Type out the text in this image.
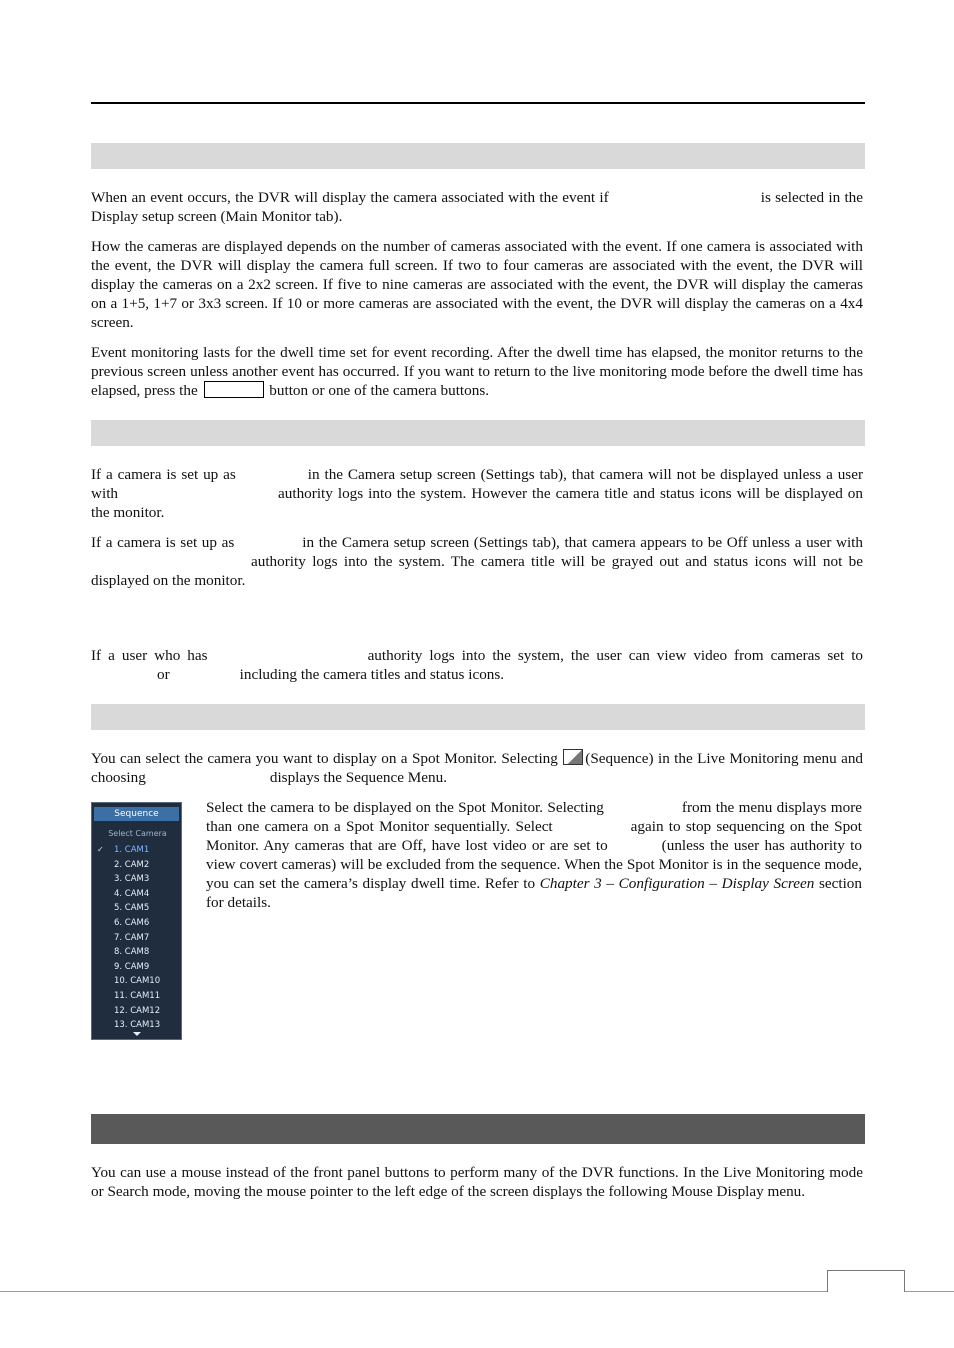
When an event occurs, the DVR will display the camera associated with the event if	is selected in the Display setup screen (Main Monitor tab).

How the cameras are displayed depends on the number of cameras associated with the event. If one camera is associated with the event, the DVR will display the camera full screen. If two to four cameras are associated with the event, the DVR will display the cameras on a 2x2 screen. If five to nine cameras are associated with the event, the DVR will display the cameras on a 1+5, 1+7 or 3x3 screen. If 10 or more cameras are associated with the event, the DVR will display the cameras on a 4x4 screen.

Event monitoring lasts for the dwell time set for event recording. After the dwell time has elapsed, the monitor returns to the previous screen unless another event has occurred. If you want to return to the live monitoring mode before the dwell time has elapsed, press the	button or one of the camera buttons.

If a camera is set up as	in the Camera setup screen (Settings tab), that camera will not be displayed unless a user with	authority logs into the system. However the camera title and status icons will be displayed on the monitor.

If a camera is set up as	in the Camera setup screen (Settings tab), that camera appears to be Off unless a user withauthority logs into the system. The camera title will be grayed out and status icons will not be displayed on the monitor.

If a user who has	authority logs into the system, the user can view video from cameras set to or	including the camera titles and status icons.

You can select the camera you want to display on a Spot Monitor. Selecting (Sequence) in the Live Monitoring menu and choosing	displays the Sequence Menu.

Sequence
Select Camera
✓ 1. CAM1
2. CAM2
3. CAM3
4. CAM4
5. CAM5
6. CAM6
7. CAM7
8. CAM8
9. CAM9
10. CAM10
11. CAM11
12. CAM12
13. CAM13

Select the camera to be displayed on the Spot Monitor. Selecting	from the menu displays more than one camera on a Spot Monitor sequentially. Select	again to stop sequencing on the Spot Monitor. Any cameras that are Off, have lost video or are set to	(unless the user has authority to view covert cameras) will be excluded from the sequence. When the Spot Monitor is in the sequence mode, you can set the camera’s display dwell time. Refer to Chapter 3 – Configuration – Display Screen section for details.

You can use a mouse instead of the front panel buttons to perform many of the DVR functions. In the Live Monitoring mode or Search mode, moving the mouse pointer to the left edge of the screen displays the following Mouse Display menu.
